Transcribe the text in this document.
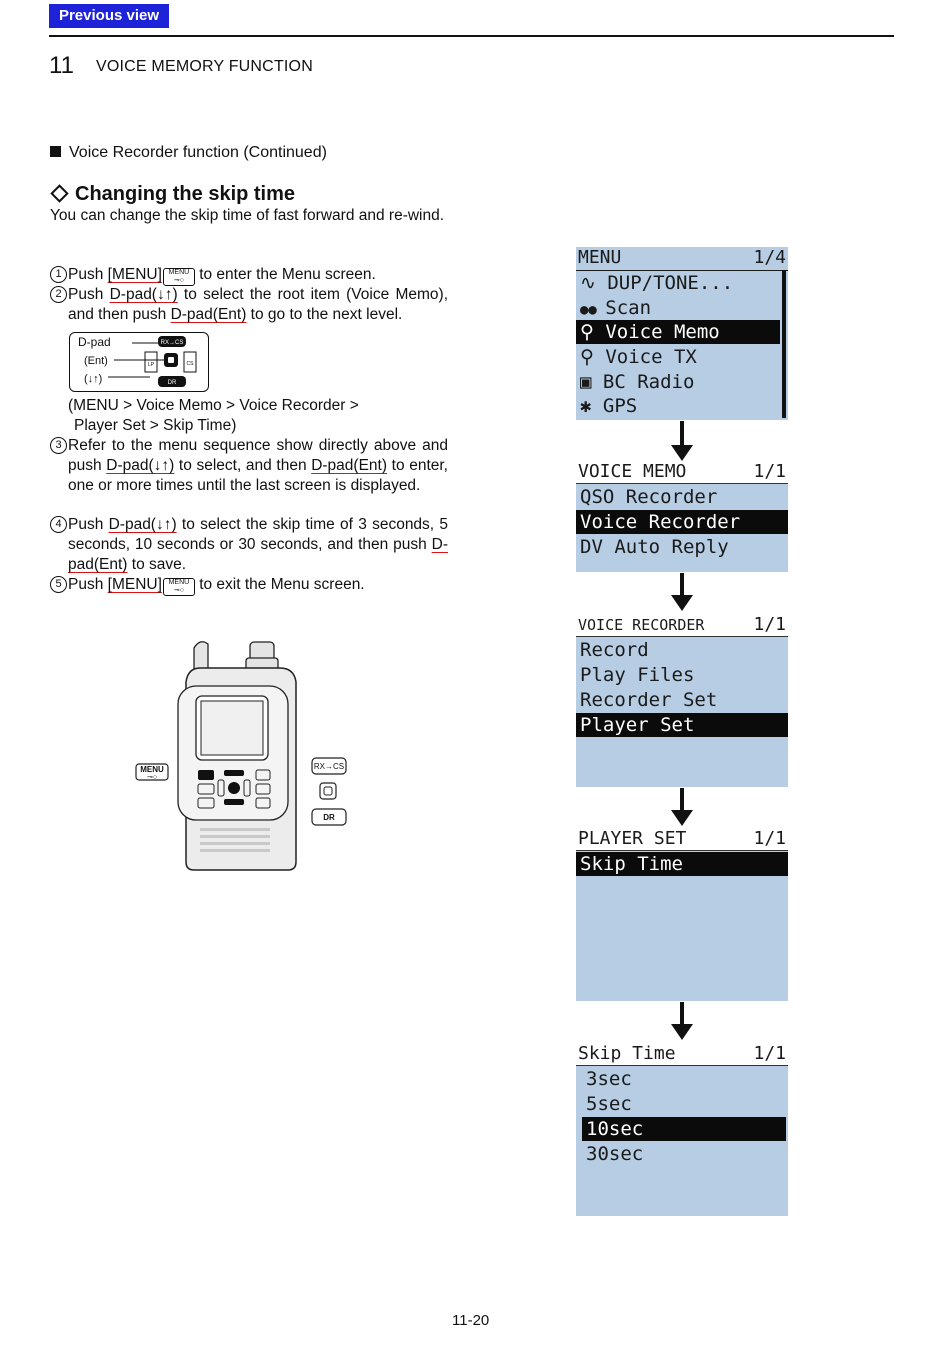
Previous view
11 VOICE MEMORY FUNCTION
Voice Recorder function (Continued)
Changing the skip time
You can change the skip time of fast forward and re-wind.
1 Push [MENU] MENU
⊸○ to enter the Menu screen.
2 Push D-pad(↓↑) to select the root item (Voice Memo), and then push D-pad(Ent) to go to the next level.
D-pad
(Ent)
(↓↑)
RX→CS
LP	CS
DR
(MENU > Voice Memo > Voice Recorder >
Player Set > Skip Time)
3 Refer to the menu sequence show directly above and push D-pad(↓↑) to select, and then D-pad(Ent) to enter, one or more times until the last screen is displayed.
4 Push D-pad(↓↑) to select the skip time of 3 seconds, 5 seconds, 10 seconds or 30 seconds, and then push D-pad(Ent) to save.
5 Push [MENU] MENU
⊸○ to exit the Menu screen.
MENU
⊸○
RX→CS
DR
MENU	1/4
∿ DUP/TONE...
●● Scan
⚲ Voice Memo
⚲ Voice TX
▣ BC Radio
✱ GPS
VOICE MEMO	1/1
QSO Recorder
Voice Recorder
DV Auto Reply
VOICE RECORDER	1/1
Record
Play Files
Recorder Set
Player Set
PLAYER SET	1/1
Skip Time
Skip Time	1/1
3sec
5sec
10sec
30sec
11-20
